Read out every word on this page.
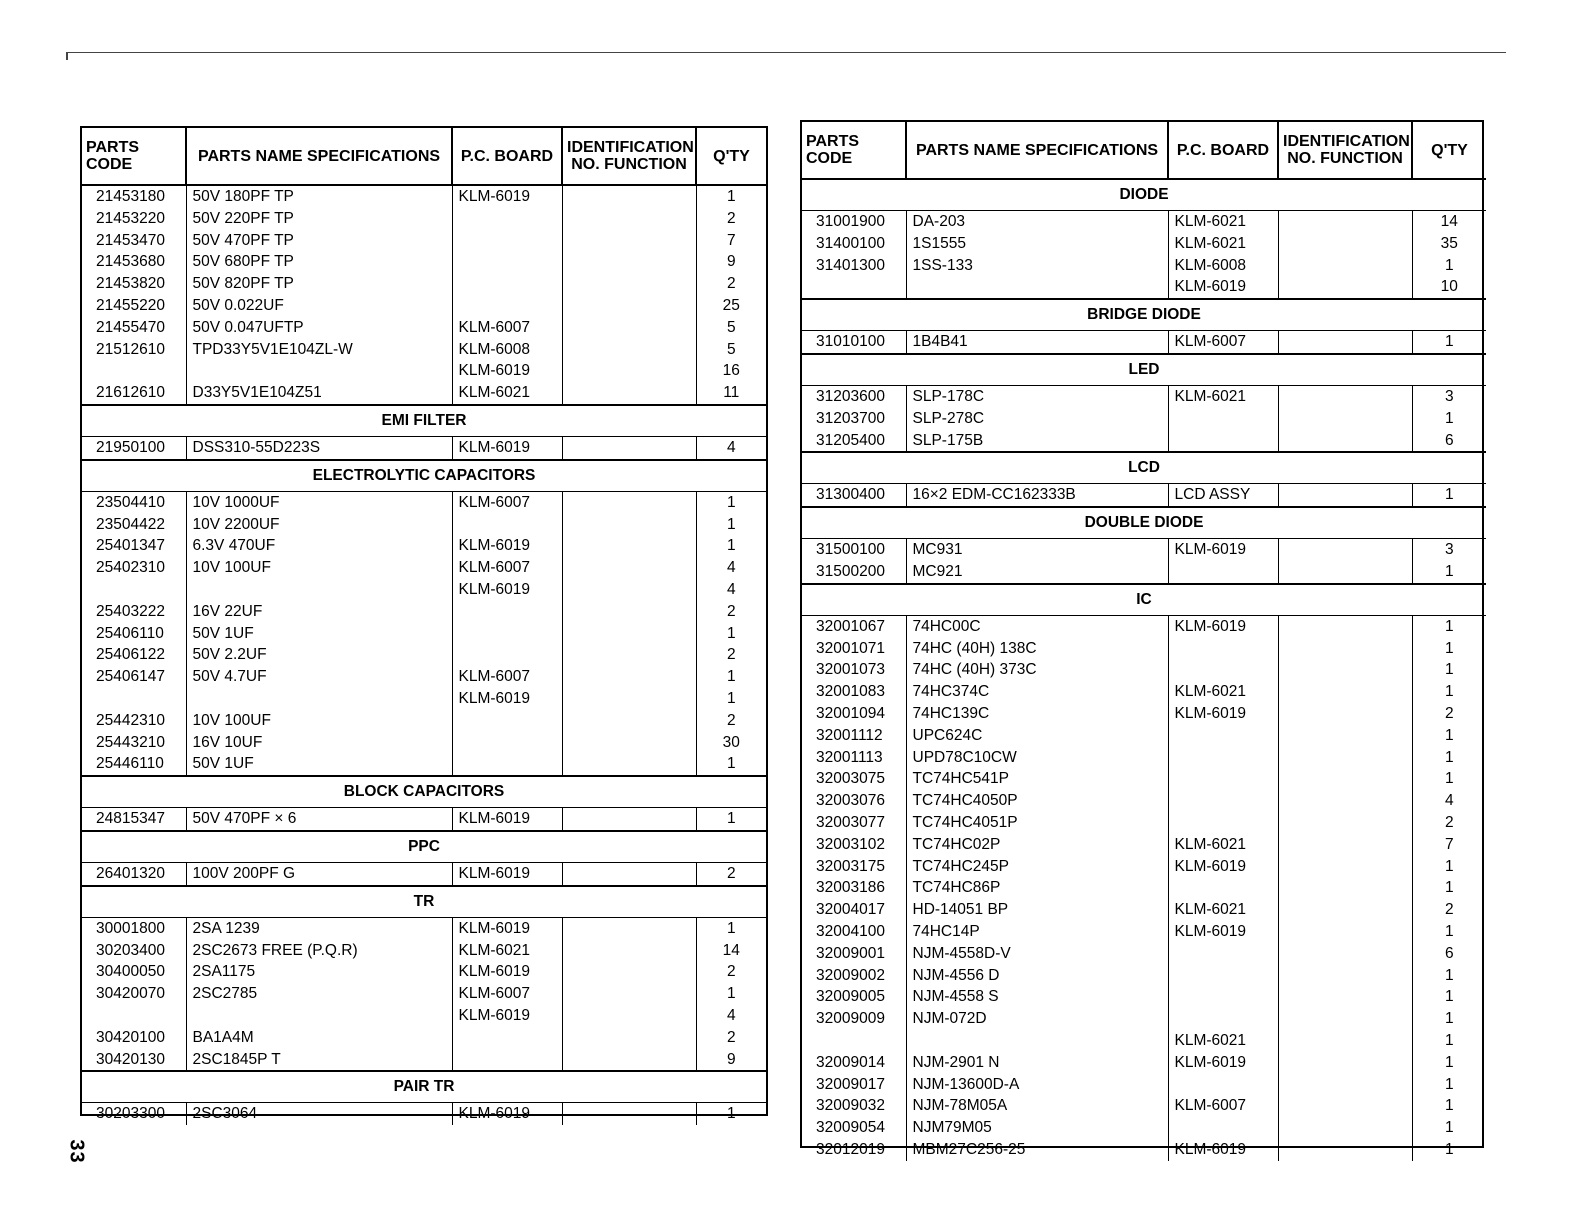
PARTS CODE	PARTS NAME SPECIFICATIONS	P.C. BOARD	IDENTIFICATION NO. FUNCTION	Q'TY
21453180	50V 180PF TP	KLM-6019		1
21453220	50V 220PF TP			2
21453470	50V 470PF TP			7
21453680	50V 680PF TP			9
21453820	50V 820PF TP			2
21455220	50V 0.022UF			25
21455470	50V 0.047UFTP	KLM-6007		5
21512610	TPD33Y5V1E104ZL-W	KLM-6008		5
		KLM-6019		16
21612610	D33Y5V1E104Z51	KLM-6021		11
EMI FILTER				
21950100	DSS310-55D223S	KLM-6019		4
ELECTROLYTIC CAPACITORS				
23504410	10V 1000UF	KLM-6007		1
23504422	10V 2200UF			1
25401347	6.3V 470UF	KLM-6019		1
25402310	10V 100UF	KLM-6007		4
		KLM-6019		4
25403222	16V 22UF			2
25406110	50V 1UF			1
25406122	50V 2.2UF			2
25406147	50V 4.7UF	KLM-6007		1
		KLM-6019		1
25442310	10V 100UF			2
25443210	16V 10UF			30
25446110	50V 1UF			1
BLOCK CAPACITORS				
24815347	50V 470PF × 6	KLM-6019		1
PPC				
26401320	100V 200PF G	KLM-6019		2
TR				
30001800	2SA 1239	KLM-6019		1
30203400	2SC2673 FREE (P.Q.R)	KLM-6021		14
30400050	2SA1175	KLM-6019		2
30420070	2SC2785	KLM-6007		1
		KLM-6019		4
30420100	BA1A4M			2
30420130	2SC1845P T			9
PAIR TR				
30203300	2SC3064	KLM-6019		1
PARTS CODE	PARTS NAME SPECIFICATIONS	P.C. BOARD	IDENTIFICATION NO. FUNCTION	Q'TY
DIODE				
31001900	DA-203	KLM-6021		14
31400100	1S1555	KLM-6021		35
31401300	1SS-133	KLM-6008		1
		KLM-6019		10
BRIDGE DIODE				
31010100	1B4B41	KLM-6007		1
LED				
31203600	SLP-178C	KLM-6021		3
31203700	SLP-278C			1
31205400	SLP-175B			6
LCD				
31300400	16×2 EDM-CC162333B	LCD ASSY		1
DOUBLE DIODE				
31500100	MC931	KLM-6019		3
31500200	MC921			1
IC				
32001067	74HC00C	KLM-6019		1
32001071	74HC (40H) 138C			1
32001073	74HC (40H) 373C			1
32001083	74HC374C	KLM-6021		1
32001094	74HC139C	KLM-6019		2
32001112	UPC624C			1
32001113	UPD78C10CW			1
32003075	TC74HC541P			1
32003076	TC74HC4050P			4
32003077	TC74HC4051P			2
32003102	TC74HC02P	KLM-6021		7
32003175	TC74HC245P	KLM-6019		1
32003186	TC74HC86P			1
32004017	HD-14051 BP	KLM-6021		2
32004100	74HC14P	KLM-6019		1
32009001	NJM-4558D-V			6
32009002	NJM-4556 D			1
32009005	NJM-4558 S			1
32009009	NJM-072D			1
		KLM-6021		1
32009014	NJM-2901 N	KLM-6019		1
32009017	NJM-13600D-A			1
32009032	NJM-78M05A	KLM-6007		1
32009054	NJM79M05			1
32012019	MBM27C256-25	KLM-6019		1
33
